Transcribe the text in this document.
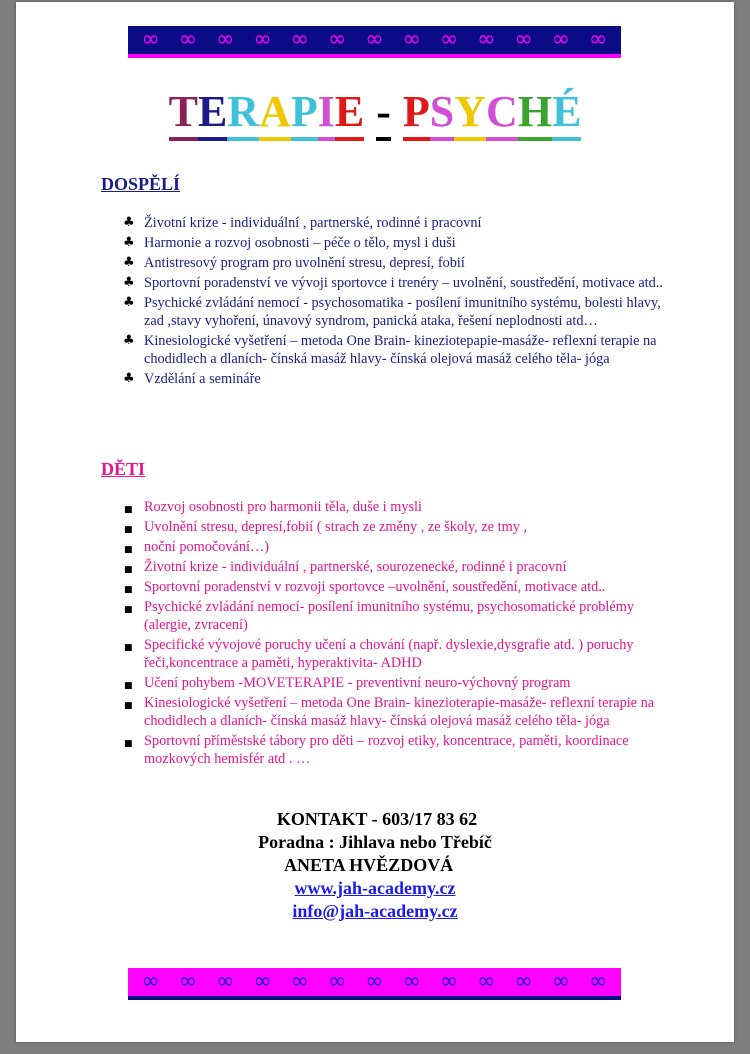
∞ ∞ ∞ ∞ ∞ ∞ ∞ ∞ ∞ ∞ ∞ ∞ ∞
TERAPIE - PSYCHÉ
DOSPĚLÍ
♣ Životní krize - individuální , partnerské, rodinné i pracovní
♣ Harmonie a rozvoj osobnosti – péče o tělo, mysl i duši
♣ Antistresový program pro uvolnění stresu, depresí, fobií
♣ Sportovní poradenství ve vývoji sportovce i trenéry – uvolnění, soustředění, motivace atd..
♣ Psychické zvládání nemocí - psychosomatika - posílení imunitního systému, bolesti hlavy, zad ,stavy vyhoření, únavový syndrom, panická ataka, řešení neplodnosti atd…
♣ Kinesiologické vyšetření – metoda One Brain- kineziotерapie-masáže- reflexní terapie na chodidlech a dlaních- čínská masáž hlavy- čínská olejová masáž celého těla- jóga
♣ Vzdělání a semináře
DĚTI
■ Rozvoj osobnosti pro harmonii těla, duše i mysli
■ Uvolnění stresu, depresí,fobií ( strach ze změny , ze školy, ze tmy ,
■ noční pomočování…)
■ Životní krize - individuální , partnerské, sourozenecké, rodinné i pracovní
■ Sportovní poradenství v rozvoji sportovce –uvolnění, soustředění, motivace atd..
■ Psychické zvládání nemocí- posílení imunitního systému, psychosomatické problémy (alergie, zvracení)
■ Specifické vývojové poruchy učení a chování (např. dyslexie,dysgrafie atd. ) poruchy řeči,koncentrace a paměti, hyperaktivita- ADHD
■ Učení pohybem -MOVETERAPIE - preventivní neuro-výchovný program
■ Kinesiologické vyšetření – metoda One Brain- kinezioterapie-masáže- reflexní terapie na chodidlech a dlaních- čínská masáž hlavy- čínská olejová masáž celého těla- jóga
■ Sportovní příměstské tábory pro děti – rozvoj etiky, koncentrace, paměti, koordinace mozkových hemisfér atd . …
KONTAKT - 603/17 83 62
Poradna : Jihlava nebo Třebíč
ANETA HVĚZDOVÁ
www.jah-academy.cz
info@jah-academy.cz
∞ ∞ ∞ ∞ ∞ ∞ ∞ ∞ ∞ ∞ ∞ ∞ ∞
